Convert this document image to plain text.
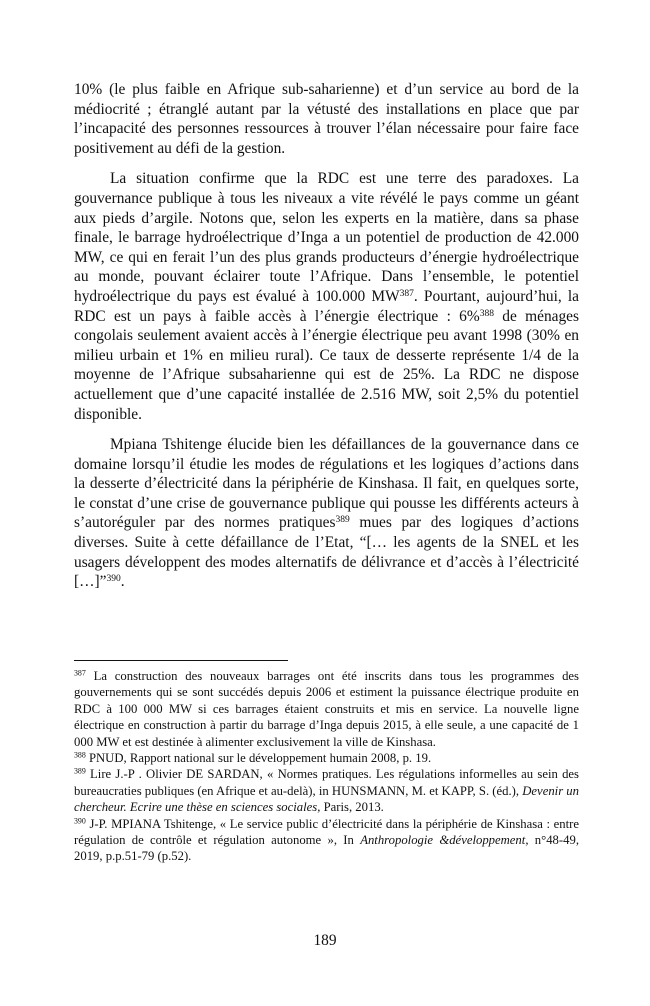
10% (le plus faible en Afrique sub-saharienne) et d’un service au bord de la médiocrité ; étranglé autant par la vétusté des installations en place que par l’incapacité des personnes ressources à trouver l’élan nécessaire pour faire face positivement au défi de la gestion.

La situation confirme que la RDC est une terre des paradoxes. La gouvernance publique à tous les niveaux a vite révélé le pays comme un géant aux pieds d’argile. Notons que, selon les experts en la matière, dans sa phase finale, le barrage hydroélectrique d’Inga a un potentiel de production de 42.000 MW, ce qui en ferait l’un des plus grands producteurs d’énergie hydroélectrique au monde, pouvant éclairer toute l’Afrique. Dans l’ensemble, le potentiel hydroélectrique du pays est évalué à 100.000 MW$^{387}$. Pourtant, aujourd’hui, la RDC est un pays à faible accès à l’énergie électrique : 6%$^{388}$ de ménages congolais seulement avaient accès à l’énergie électrique peu avant 1998 (30% en milieu urbain et 1% en milieu rural). Ce taux de desserte représente 1/4 de la moyenne de l’Afrique subsaharienne qui est de 25%. La RDC ne dispose actuellement que d’une capacité installée de 2.516 MW, soit 2,5% du potentiel disponible.

Mpiana Tshitenge élucide bien les défaillances de la gouvernance dans ce domaine lorsqu’il étudie les modes de régulations et les logiques d’actions dans la desserte d’électricité dans la périphérie de Kinshasa. Il fait, en quelques sorte, le constat d’une crise de gouvernance publique qui pousse les différents acteurs à s’autoréguler par des normes pratiques$^{389}$ mues par des logiques d’actions diverses. Suite à cette défaillance de l’Etat, “[… les agents de la SNEL et les usagers développent des modes alternatifs de délivrance et d’accès à l’électricité […]”$^{390}$.

$^{387}$ La construction des nouveaux barrages ont été inscrits dans tous les programmes des gouvernements qui se sont succédés depuis 2006 et estiment la puissance électrique produite en RDC à 100 000 MW si ces barrages étaient construits et mis en service. La nouvelle ligne électrique en construction à partir du barrage d’Inga depuis 2015, à elle seule, a une capacité de 1 000 MW et est destinée à alimenter exclusivement la ville de Kinshasa.

$^{388}$ PNUD, Rapport national sur le développement humain 2008, p. 19.

$^{389}$ Lire J.-P . Olivier DE SARDAN, « Normes pratiques. Les régulations informelles au sein des bureaucraties publiques (en Afrique et au-delà), in HUNSMANN, M. et KAPP, S. (éd.), Devenir un chercheur. Ecrire une thèse en sciences sociales, Paris, 2013.

$^{390}$ J-P. MPIANA Tshitenge, « Le service public d’électricité dans la périphérie de Kinshasa : entre régulation de contrôle et régulation autonome », In Anthropologie &développement, n°48-49, 2019, p.p.51-79 (p.52).

189
